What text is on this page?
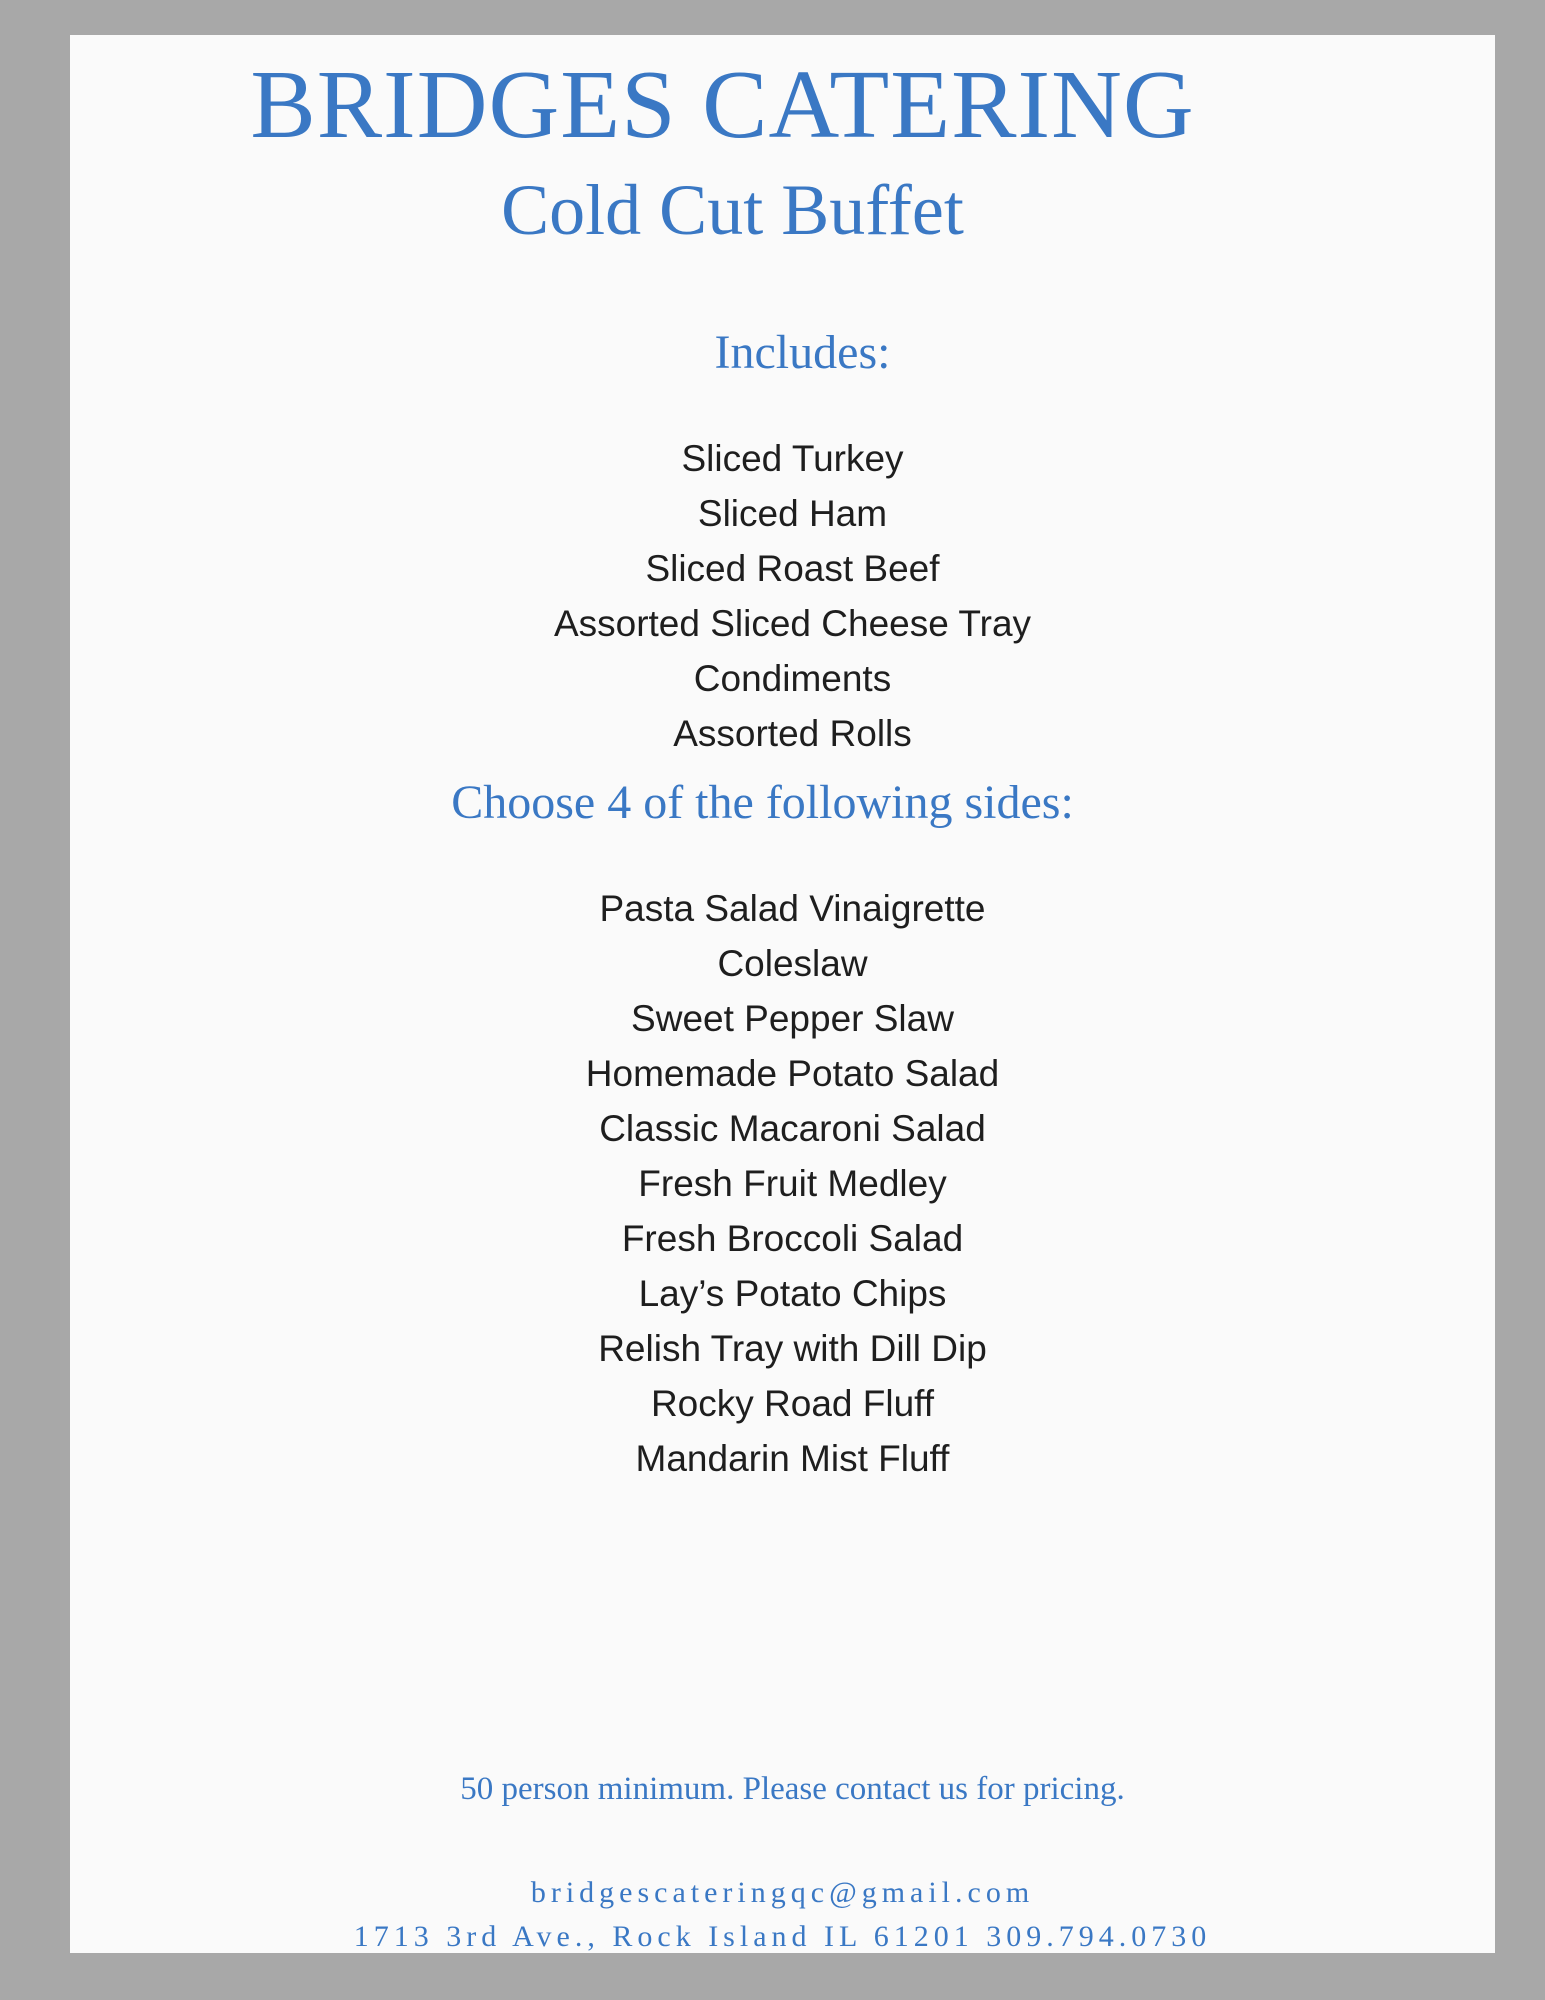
BRIDGES CATERING
Cold Cut Buffet
Includes:
Sliced Turkey
Sliced Ham
Sliced Roast Beef
Assorted Sliced Cheese Tray
Condiments
Assorted Rolls
Choose 4 of the following sides:
Pasta Salad Vinaigrette
Coleslaw
Sweet Pepper Slaw
Homemade Potato Salad
Classic Macaroni Salad
Fresh Fruit Medley
Fresh Broccoli Salad
Lay’s Potato Chips
Relish Tray with Dill Dip
Rocky Road Fluff
Mandarin Mist Fluff
50 person minimum. Please contact us for pricing.
bridgescateringqc@gmail.com
1713 3rd Ave., Rock Island IL 61201 309.794.0730
